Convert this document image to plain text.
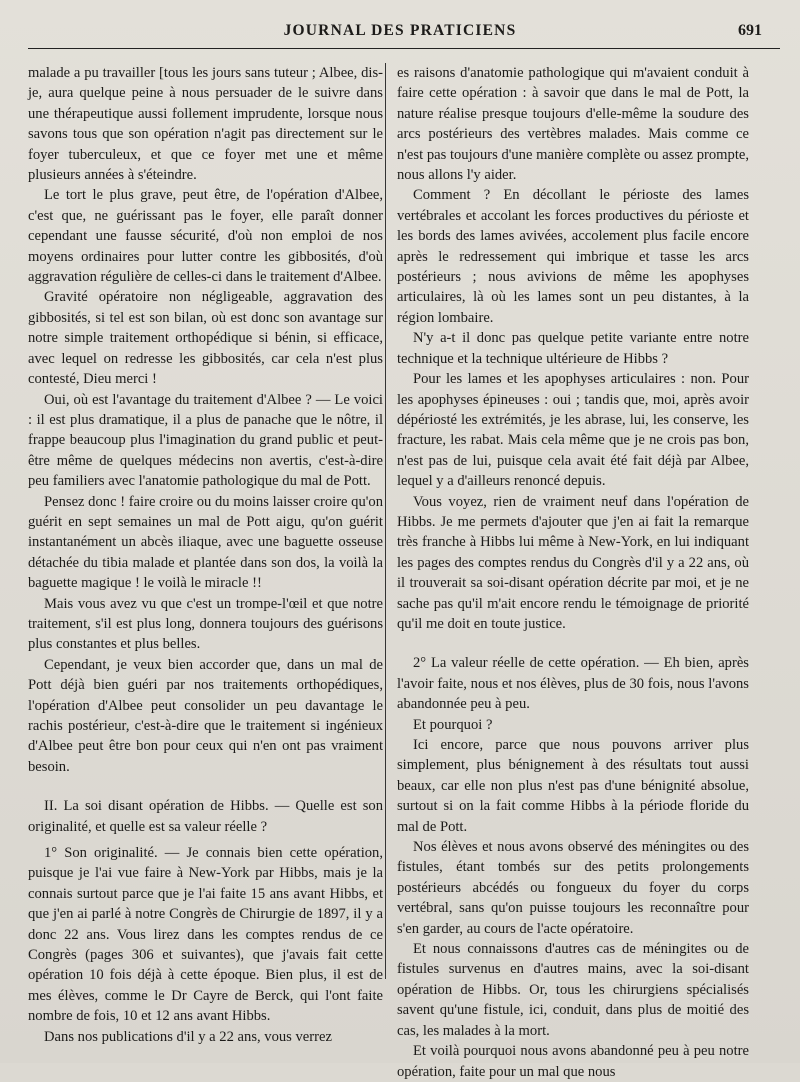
JOURNAL DES PRATICIENS	691

malade a pu travailler [tous les jours sans tuteur ; Albee, dis-je, aura quelque peine à nous persuader de le suivre dans une thérapeutique aussi follement imprudente, lorsque nous savons tous que son opération n'agit pas directement sur le foyer tuberculeux, et que ce foyer met une et même plusieurs années à s'éteindre.

Le tort le plus grave, peut être, de l'opération d'Albee, c'est que, ne guérissant pas le foyer, elle paraît donner cependant une fausse sécurité, d'où non emploi de nos moyens ordinaires pour lutter contre les gibbosités, d'où aggravation régulière de celles-ci dans le traitement d'Albee.

Gravité opératoire non négligeable, aggravation des gibbosités, si tel est son bilan, où est donc son avantage sur notre simple traitement orthopédique si bénin, si efficace, avec lequel on redresse les gibbosités, car cela n'est plus contesté, Dieu merci !

Oui, où est l'avantage du traitement d'Albee ? — Le voici : il est plus dramatique, il a plus de panache que le nôtre, il frappe beaucoup plus l'imagination du grand public et peut-être même de quelques médecins non avertis, c'est-à-dire peu familiers avec l'anatomie pathologique du mal de Pott.

Pensez donc ! faire croire ou du moins laisser croire qu'on guérit en sept semaines un mal de Pott aigu, qu'on guérit instantanément un abcès iliaque, avec une baguette osseuse détachée du tibia malade et plantée dans son dos, la voilà la baguette magique ! le voilà le miracle !!

Mais vous avez vu que c'est un trompe-l'œil et que notre traitement, s'il est plus long, donnera toujours des guérisons plus constantes et plus belles.

Cependant, je veux bien accorder que, dans un mal de Pott déjà bien guéri par nos traitements orthopédiques, l'opération d'Albee peut consolider un peu davantage le rachis postérieur, c'est-à-dire que le traitement si ingénieux d'Albee peut être bon pour ceux qui n'en ont pas vraiment besoin.

II. La soi disant opération de Hibbs. — Quelle est son originalité, et quelle est sa valeur réelle ?

1° Son originalité. — Je connais bien cette opération, puisque je l'ai vue faire à New-York par Hibbs, mais je la connais surtout parce que je l'ai faite 15 ans avant Hibbs, et que j'en ai parlé à notre Congrès de Chirurgie de 1897, il y a donc 22 ans. Vous lirez dans les comptes rendus de ce Congrès (pages 306 et suivantes), que j'avais fait cette opération 10 fois déjà à cette époque. Bien plus, il est de mes élèves, comme le Dr Cayre de Berck, qui l'ont faite nombre de fois, 10 et 12 ans avant Hibbs.

Dans nos publications d'il y a 22 ans, vous verrez

es raisons d'anatomie pathologique qui m'avaient conduit à faire cette opération : à savoir que dans le mal de Pott, la nature réalise presque toujours d'elle-même la soudure des arcs postérieurs des vertèbres malades. Mais comme ce n'est pas toujours d'une manière complète ou assez prompte, nous allons l'y aider.

Comment ? En décollant le périoste des lames vertébrales et accolant les forces productives du périoste et les bords des lames avivées, accolement plus facile encore après le redressement qui imbrique et tasse les arcs postérieurs ; nous avivions de même les apophyses articulaires, là où les lames sont un peu distantes, à la région lombaire.

N'y a-t il donc pas quelque petite variante entre notre technique et la technique ultérieure de Hibbs ?

Pour les lames et les apophyses articulaires : non. Pour les apophyses épineuses : oui ; tandis que, moi, après avoir dépériosté les extrémités, je les abrase, lui, les conserve, les fracture, les rabat. Mais cela même que je ne crois pas bon, n'est pas de lui, puisque cela avait été fait déjà par Albee, lequel y a d'ailleurs renoncé depuis.

Vous voyez, rien de vraiment neuf dans l'opération de Hibbs. Je me permets d'ajouter que j'en ai fait la remarque très franche à Hibbs lui même à New-York, en lui indiquant les pages des comptes rendus du Congrès d'il y a 22 ans, où il trouverait sa soi-disant opération décrite par moi, et je ne sache pas qu'il m'ait encore rendu le témoignage de priorité qu'il me doit en toute justice.

2° La valeur réelle de cette opération. — Eh bien, après l'avoir faite, nous et nos élèves, plus de 30 fois, nous l'avons abandonnée peu à peu.

Et pourquoi ?

Ici encore, parce que nous pouvons arriver plus simplement, plus bénignement à des résultats tout aussi beaux, car elle non plus n'est pas d'une bénignité absolue, surtout si on la fait comme Hibbs à la période floride du mal de Pott.

Nos élèves et nous avons observé des méningites ou des fistules, étant tombés sur des petits prolongements postérieurs abcédés ou fongueux du foyer du corps vertébral, sans qu'on puisse toujours les reconnaître pour s'en garder, au cours de l'acte opératoire.

Et nous connaissons d'autres cas de méningites ou de fistules survenus en d'autres mains, avec la soi-disant opération de Hibbs. Or, tous les chirurgiens spécialisés savent qu'une fistule, ici, conduit, dans plus de moitié des cas, les malades à la mort.

Et voilà pourquoi nous avons abandonné peu à peu notre opération, faite pour un mal que nous
